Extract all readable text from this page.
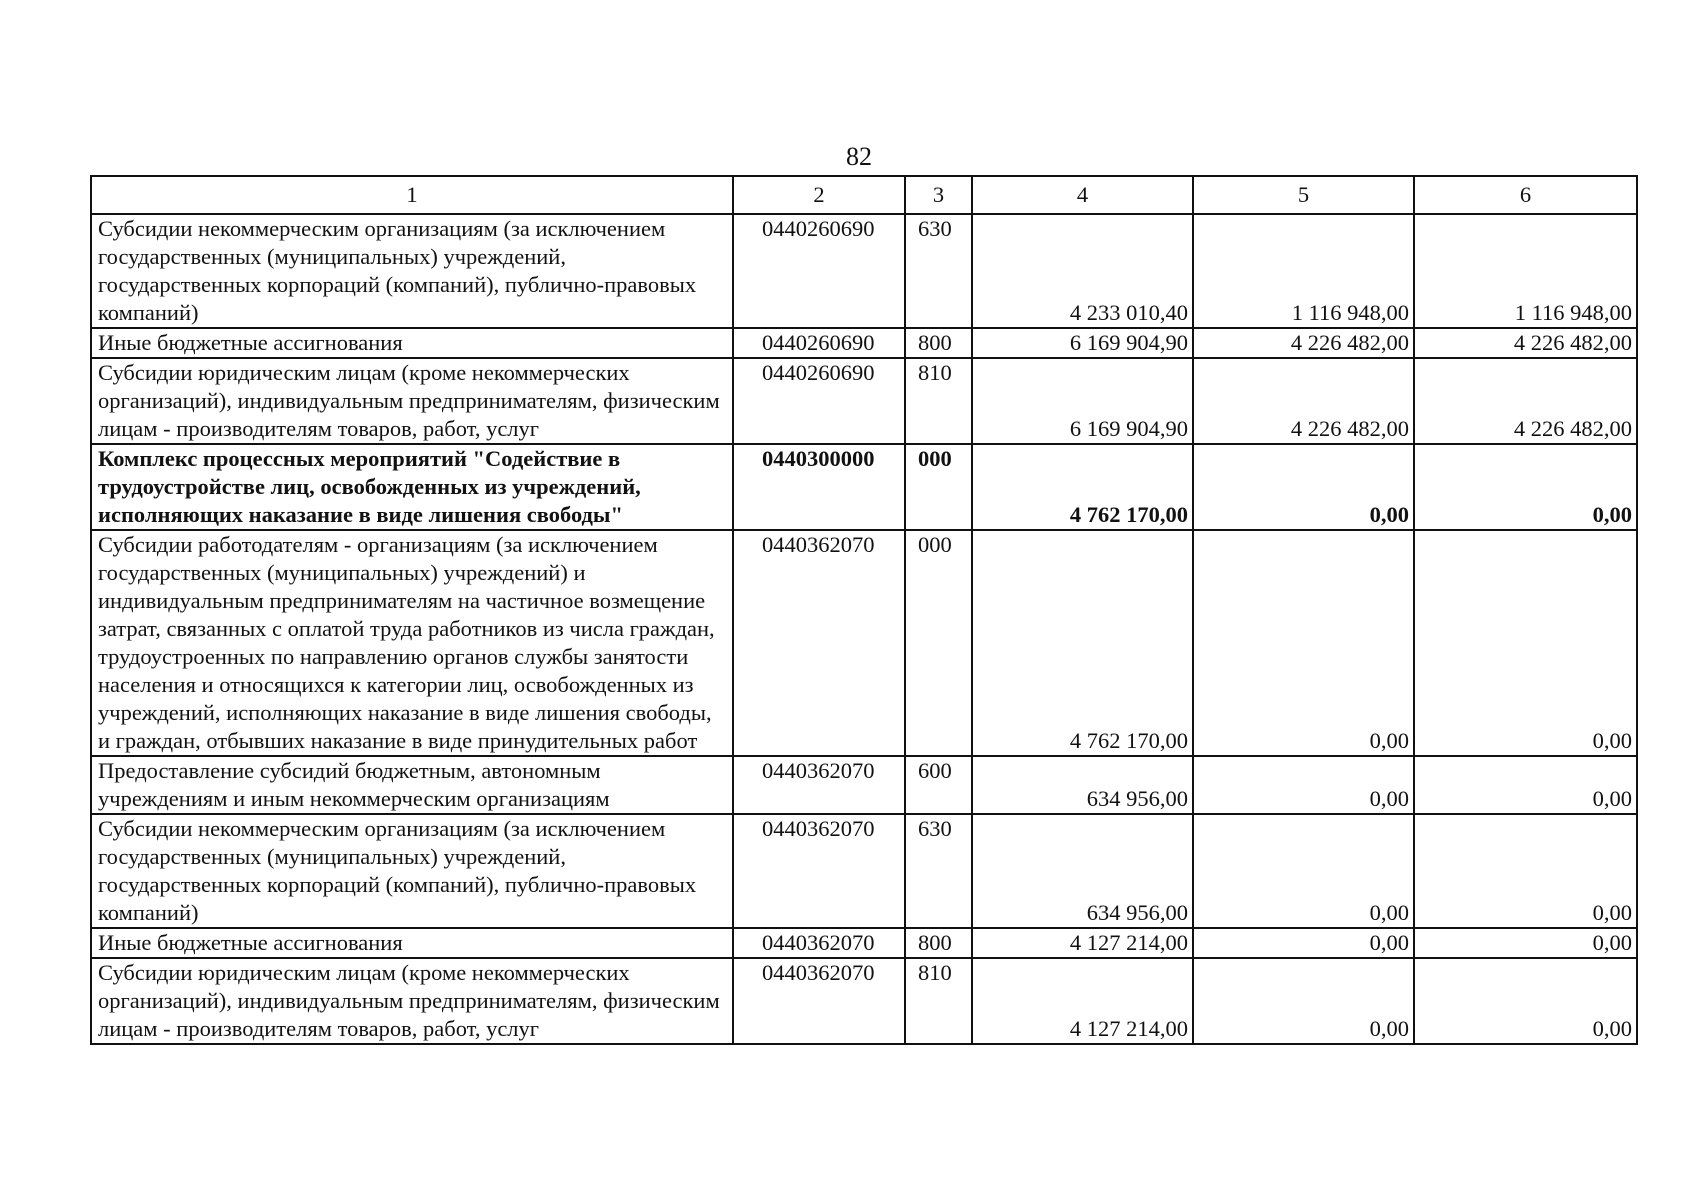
82
1	2	3	4	5	6
Субсидии некоммерческим организациям (за исключением государственных (муниципальных) учреждений, государственных корпораций (компаний), публично-правовых компаний)	0440260690	630	4 233 010,40	1 116 948,00	1 116 948,00
Иные бюджетные ассигнования	0440260690	800	6 169 904,90	4 226 482,00	4 226 482,00
Субсидии юридическим лицам (кроме некоммерческих организаций), индивидуальным предпринимателям, физическим лицам - производителям товаров, работ, услуг	0440260690	810	6 169 904,90	4 226 482,00	4 226 482,00
Комплекс процессных мероприятий "Содействие в трудоустройстве лиц, освобожденных из учреждений, исполняющих наказание в виде лишения свободы"	0440300000	000	4 762 170,00	0,00	0,00
Субсидии работодателям - организациям (за исключением государственных (муниципальных) учреждений) и индивидуальным предпринимателям на частичное возмещение затрат, связанных с оплатой труда работников из числа граждан, трудоустроенных по направлению органов службы занятости населения и относящихся к категории лиц, освобожденных из учреждений, исполняющих наказание в виде лишения свободы, и граждан, отбывших наказание в виде принудительных работ	0440362070	000	4 762 170,00	0,00	0,00
Предоставление субсидий бюджетным, автономным учреждениям и иным некоммерческим организациям	0440362070	600	634 956,00	0,00	0,00
Субсидии некоммерческим организациям (за исключением государственных (муниципальных) учреждений, государственных корпораций (компаний), публично-правовых компаний)	0440362070	630	634 956,00	0,00	0,00
Иные бюджетные ассигнования	0440362070	800	4 127 214,00	0,00	0,00
Субсидии юридическим лицам (кроме некоммерческих организаций), индивидуальным предпринимателям, физическим лицам - производителям товаров, работ, услуг	0440362070	810	4 127 214,00	0,00	0,00
